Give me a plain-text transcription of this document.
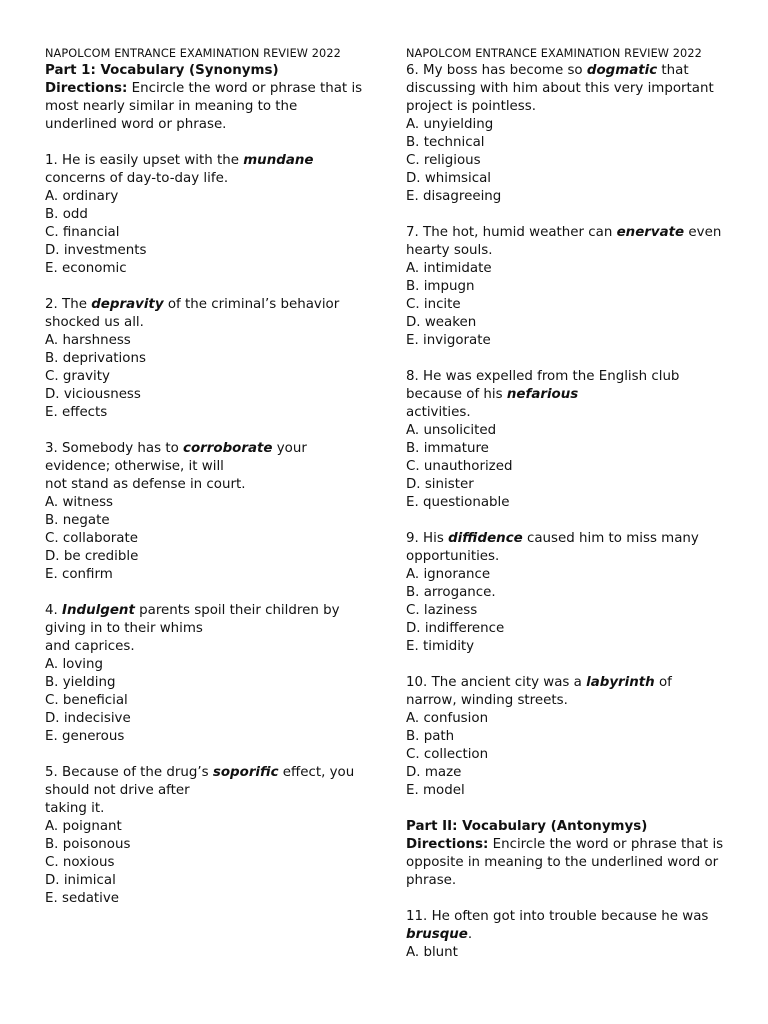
NAPOLCOM ENTRANCE EXAMINATION REVIEW 2022
Part 1: Vocabulary (Synonyms)
Directions: Encircle the word or phrase that is
most nearly similar in meaning to the
underlined word or phrase.
1. He is easily upset with the mundane
concerns of day-to-day life.
A. ordinary
B. odd
C. financial
D. investments
E. economic
2. The depravity of the criminal’s behavior
shocked us all.
A. harshness
B. deprivations
C. gravity
D. viciousness
E. effects
3. Somebody has to corroborate your
evidence; otherwise, it will
not stand as defense in court.
A. witness
B. negate
C. collaborate
D. be credible
E. confirm
4. Indulgent parents spoil their children by
giving in to their whims
and caprices.
A. loving
B. yielding
C. beneficial
D. indecisive
E. generous
5. Because of the drug’s soporific effect, you
should not drive after
taking it.
A. poignant
B. poisonous
C. noxious
D. inimical
E. sedative
NAPOLCOM ENTRANCE EXAMINATION REVIEW 2022
6. My boss has become so dogmatic that
discussing with him about this very important
project is pointless.
A. unyielding
B. technical
C. religious
D. whimsical
E. disagreeing
7. The hot, humid weather can enervate even
hearty souls.
A. intimidate
B. impugn
C. incite
D. weaken
E. invigorate
8. He was expelled from the English club
because of his nefarious
activities.
A. unsolicited
B. immature
C. unauthorized
D. sinister
E. questionable
9. His diffidence caused him to miss many
opportunities.
A. ignorance
B. arrogance.
C. laziness
D. indifference
E. timidity
10. The ancient city was a labyrinth of
narrow, winding streets.
A. confusion
B. path
C. collection
D. maze
E. model
Part II: Vocabulary (Antonymys)
Directions: Encircle the word or phrase that is
opposite in meaning to the underlined word or
phrase.
11. He often got into trouble because he was
brusque.
A. blunt
